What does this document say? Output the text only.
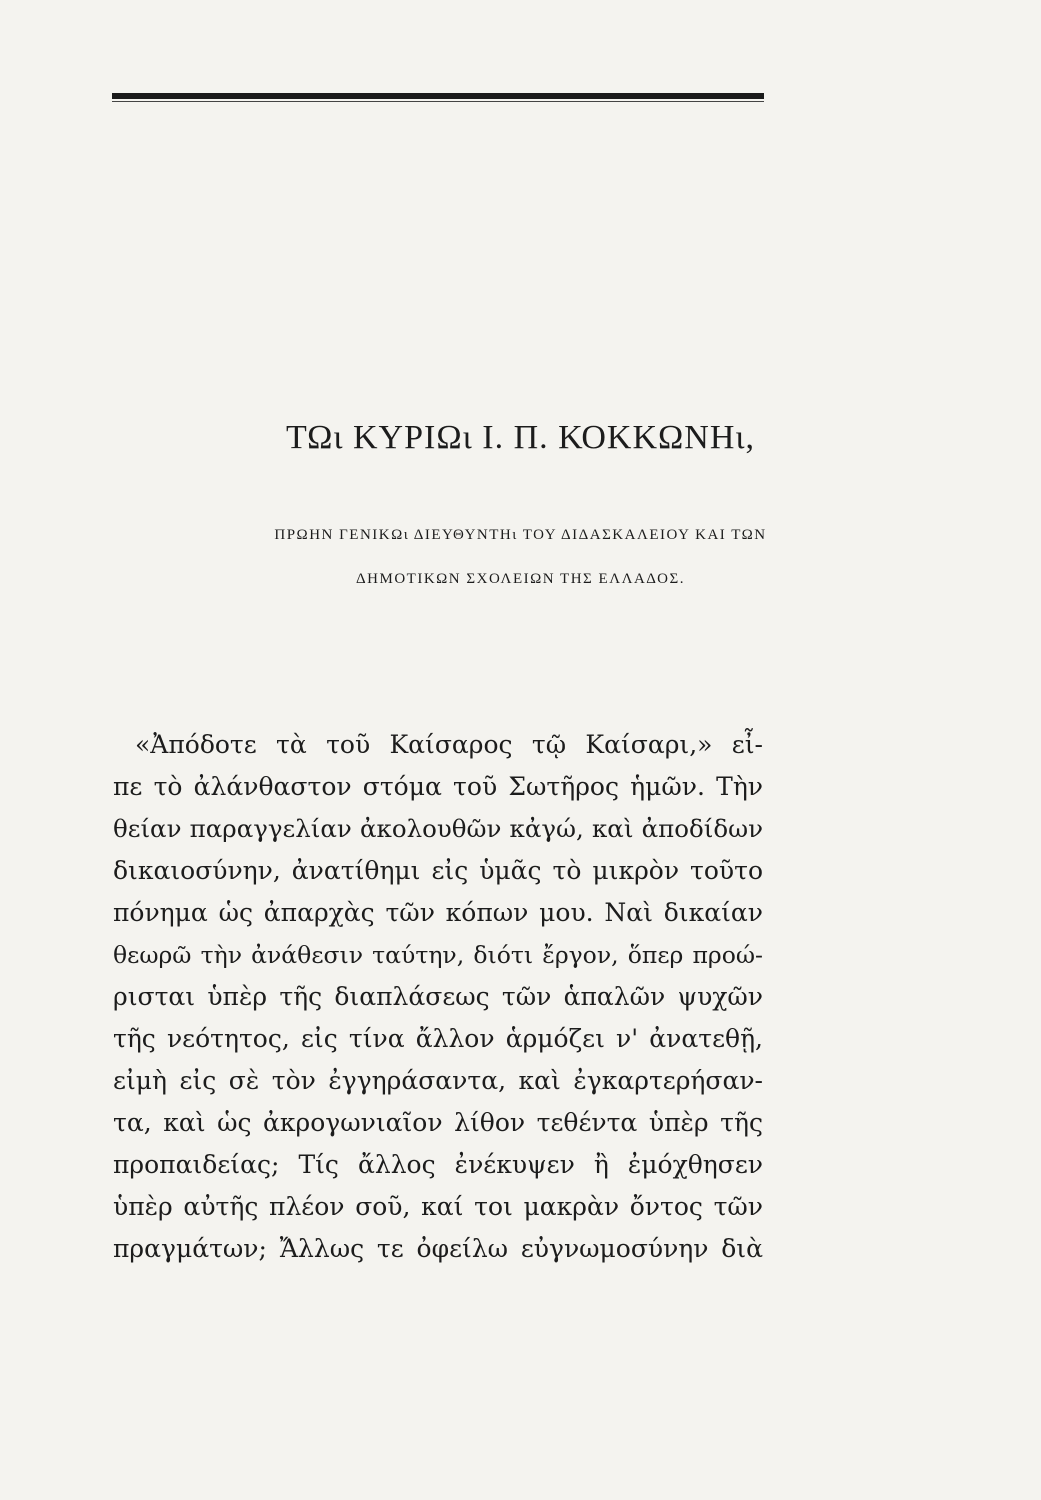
ΤΩι ΚΥΡΙΩι Ι. Π. ΚΟΚΚΩΝΗι,
ΠΡΩΗΝ ΓΕΝΙΚΩι ΔΙΕΥΘΥΝΤΗι ΤΟΥ ΔΙΔΑΣΚΑΛΕΙΟΥ ΚΑΙ ΤΩΝ
ΔΗΜΟΤΙΚΩΝ ΣΧΟΛΕΙΩΝ ΤΗΣ ΕΛΛΑΔΟΣ.
«Ἀπόδοτε τὰ τοῦ Καίσαρος τῷ Καίσαρι,» εἶ-
πε τὸ ἀλάνθαστον στόμα τοῦ Σωτῆρος ἡμῶν. Τὴν
θείαν παραγγελίαν ἀκολουθῶν κἀγώ, καὶ ἀποδίδων
δικαιοσύνην, ἀνατίθημι εἰς ὑμᾶς τὸ μικρὸν τοῦτο
πόνημα ὡς ἀπαρχὰς τῶν κόπων μου. Ναὶ δικαίαν
θεωρῶ τὴν ἀνάθεσιν ταύτην, διότι ἔργον, ὅπερ προώ-
ρισται ὑπὲρ τῆς διαπλάσεως τῶν ἁπαλῶν ψυχῶν
τῆς νεότητος, εἰς τίνα ἄλλον ἁρμόζει ν' ἀνατεθῇ,
εἰμὴ εἰς σὲ τὸν ἐγγηράσαντα, καὶ ἐγκαρτερήσαν-
τα, καὶ ὡς ἀκρογωνιαῖον λίθον τεθέντα ὑπὲρ τῆς
προπαιδείας; Τίς ἄλλος ἐνέκυψεν ἢ ἐμόχθησεν
ὑπὲρ αὐτῆς πλέον σοῦ, καί τοι μακρὰν ὄντος τῶν
πραγμάτων; Ἄλλως τε ὀφείλω εὐγνωμοσύνην διὰ
